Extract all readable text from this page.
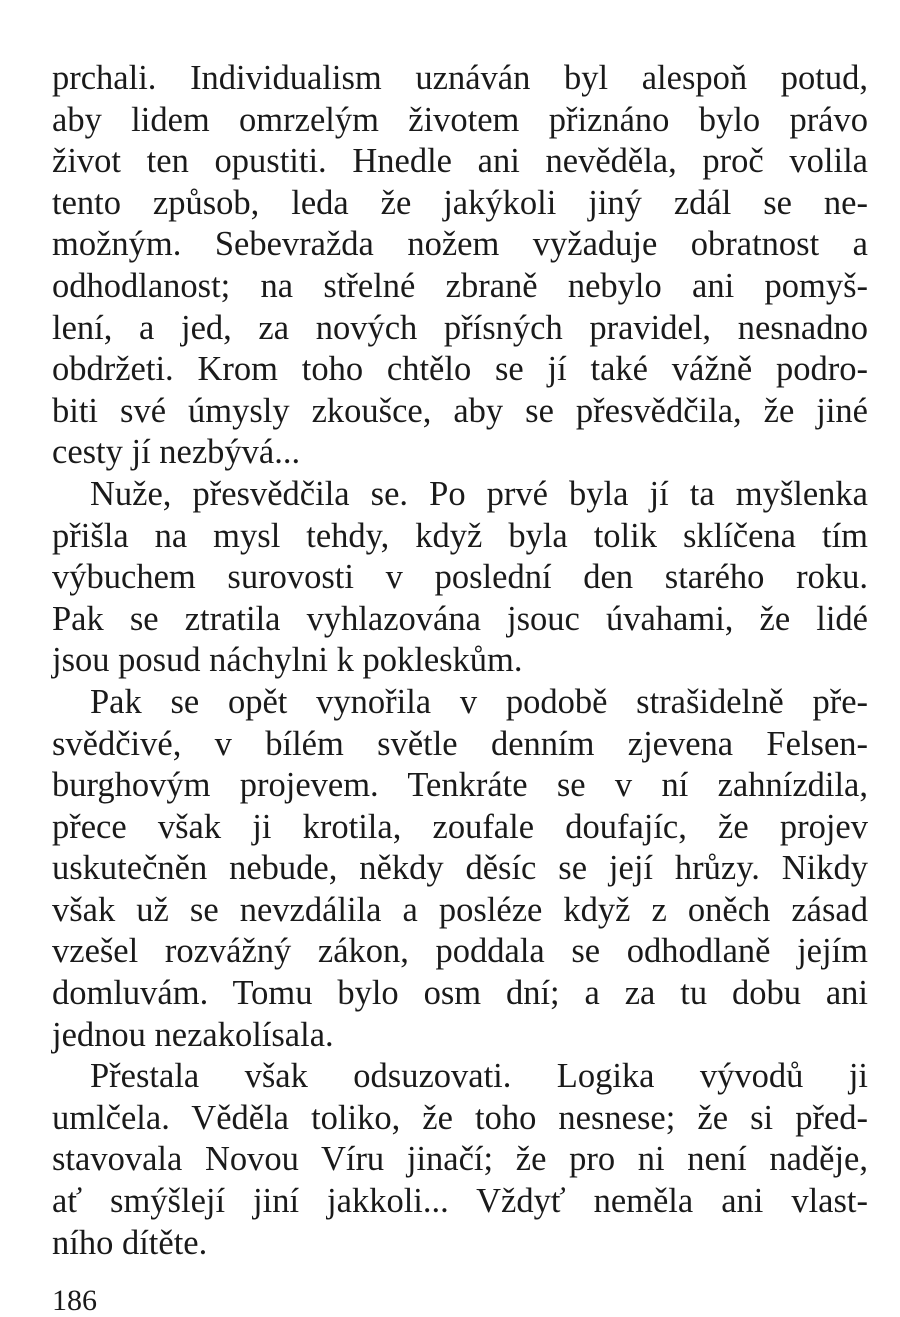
prchali. Individualism uznáván byl alespoň potud,
aby lidem omrzelým životem přiznáno bylo právo
život ten opustiti. Hnedle ani nevěděla, proč volila
tento způsob, leda že jakýkoli jiný zdál se ne-
možným. Sebevražda nožem vyžaduje obratnost a
odhodlanost; na střelné zbraně nebylo ani pomyš-
lení, a jed, za nových přísných pravidel, nesnadno
obdržeti. Krom toho chtělo se jí také vážně podro-
biti své úmysly zkoušce, aby se přesvědčila, že jiné
cesty jí nezbývá...
Nuže, přesvědčila se. Po prvé byla jí ta myšlenka
přišla na mysl tehdy, když byla tolik sklíčena tím
výbuchem surovosti v poslední den starého roku.
Pak se ztratila vyhlazována jsouc úvahami, že lidé
jsou posud náchylni k pokleskům.
Pak se opět vynořila v podobě strašidelně pře-
svědčivé, v bílém světle denním zjevena Felsen-
burghovým projevem. Tenkráte se v ní zahnízdila,
přece však ji krotila, zoufale doufajíc, že projev
uskutečněn nebude, někdy děsíc se její hrůzy. Nikdy
však už se nevzdálila a posléze když z oněch zásad
vzešel rozvážný zákon, poddala se odhodlaně jejím
domluvám. Tomu bylo osm dní; a za tu dobu ani
jednou nezakolísala.
Přestala však odsuzovati. Logika vývodů ji
umlčela. Věděla toliko, že toho nesnese; že si před-
stavovala Novou Víru jinačí; že pro ni není naděje,
ať smýšlejí jiní jakkoli... Vždyť neměla ani vlast-
ního dítěte.
186
